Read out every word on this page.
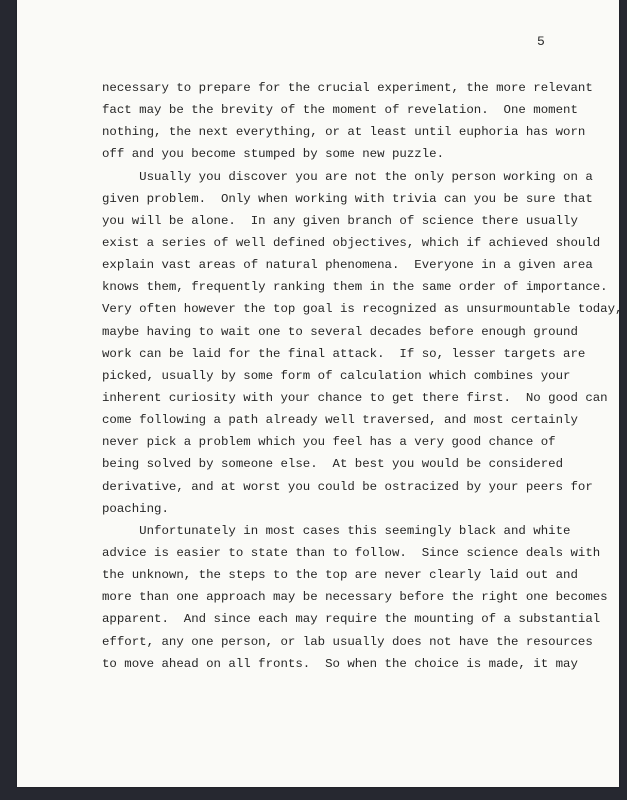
5

necessary to prepare for the crucial experiment, the more relevant
fact may be the brevity of the moment of revelation.  One moment
nothing, the next everything, or at least until euphoria has worn
off and you become stumped by some new puzzle.
Usually you discover you are not the only person working on a
given problem.  Only when working with trivia can you be sure that
you will be alone.  In any given branch of science there usually
exist a series of well defined objectives, which if achieved should
explain vast areas of natural phenomena.  Everyone in a given area
knows them, frequently ranking them in the same order of importance.
Very often however the top goal is recognized as unsurmountable today,
maybe having to wait one to several decades before enough ground
work can be laid for the final attack.  If so, lesser targets are
picked, usually by some form of calculation which combines your
inherent curiosity with your chance to get there first.  No good can
come following a path already well traversed, and most certainly
never pick a problem which you feel has a very good chance of
being solved by someone else.  At best you would be considered
derivative, and at worst you could be ostracized by your peers for
poaching.
Unfortunately in most cases this seemingly black and white
advice is easier to state than to follow.  Since science deals with
the unknown, the steps to the top are never clearly laid out and
more than one approach may be necessary before the right one becomes
apparent.  And since each may require the mounting of a substantial
effort, any one person, or lab usually does not have the resources
to move ahead on all fronts.  So when the choice is made, it may
